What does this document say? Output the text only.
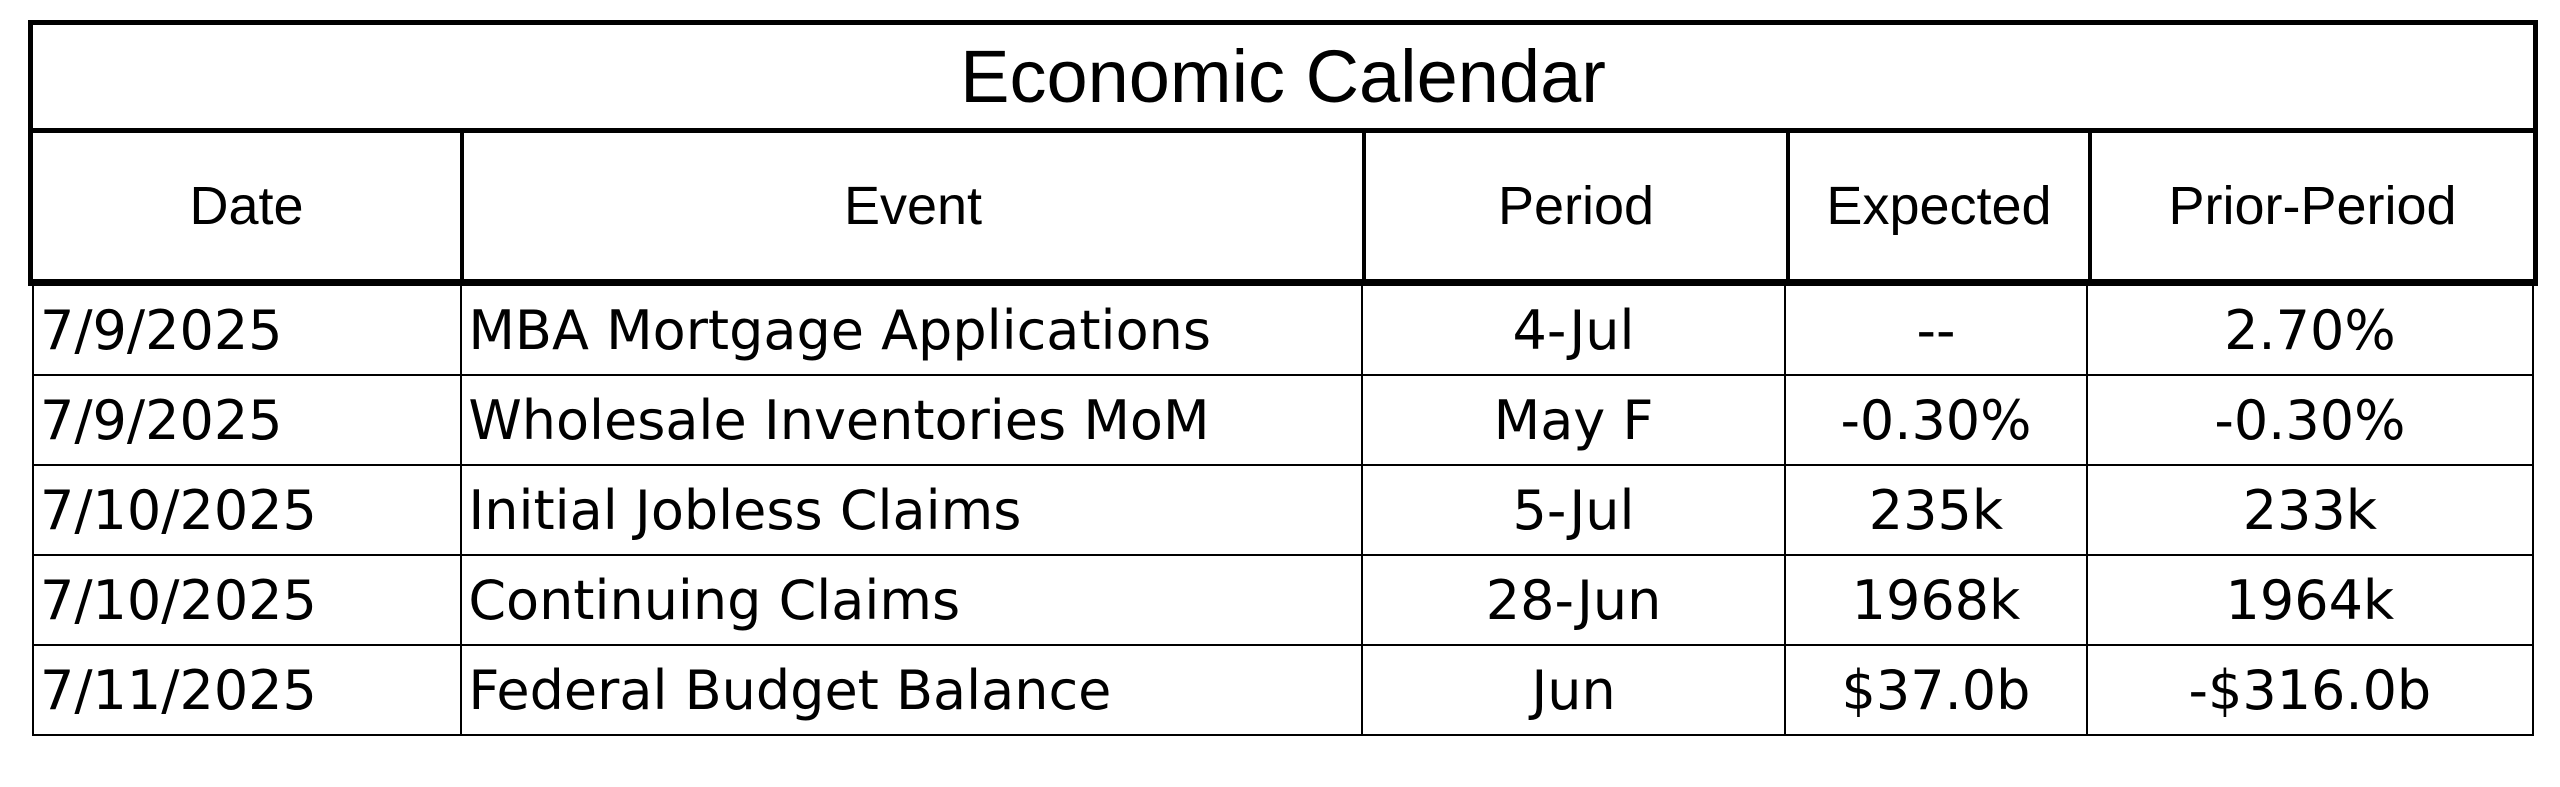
Economic Calendar
Date	Event	Period	Expected	Prior-Period
7/9/2025	MBA Mortgage Applications	4-Jul	--	2.70%
7/9/2025	Wholesale Inventories MoM	May F	-0.30%	-0.30%
7/10/2025	Initial Jobless Claims	5-Jul	235k	233k
7/10/2025	Continuing Claims	28-Jun	1968k	1964k
7/11/2025	Federal Budget Balance	Jun	$37.0b	-$316.0b
